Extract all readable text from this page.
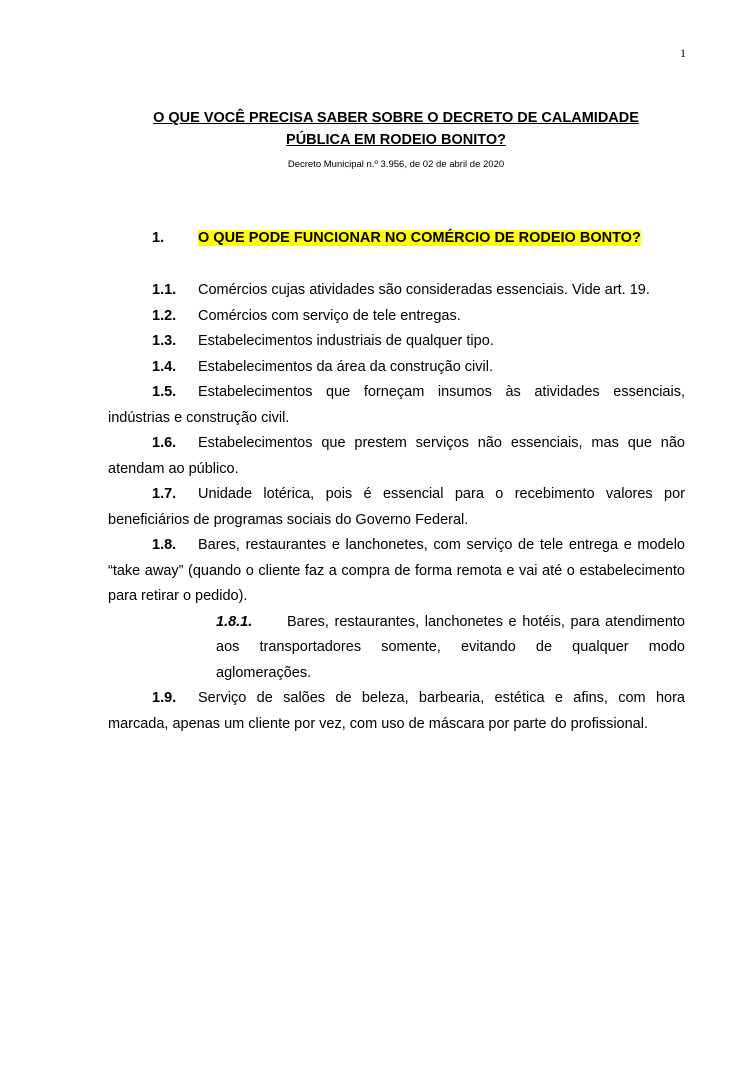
1
O QUE VOCÊ PRECISA SABER SOBRE O DECRETO DE CALAMIDADE
PÚBLICA EM RODEIO BONITO?
Decreto Municipal n.º 3.956, de 02 de abril de 2020
1. O QUE PODE FUNCIONAR NO COMÉRCIO DE RODEIO BONTO?

1.1. Comércios cujas atividades são consideradas essenciais. Vide art. 19.

1.2. Comércios com serviço de tele entregas.

1.3. Estabelecimentos industriais de qualquer tipo.

1.4. Estabelecimentos da área da construção civil.

1.5. Estabelecimentos que forneçam insumos às atividades essenciais, indústrias e construção civil.

1.6. Estabelecimentos que prestem serviços não essenciais, mas que não atendam ao público.

1.7. Unidade lotérica, pois é essencial para o recebimento valores por beneficiários de programas sociais do Governo Federal.

1.8. Bares, restaurantes e lanchonetes, com serviço de tele entrega e modelo “take away” (quando o cliente faz a compra de forma remota e vai até o estabelecimento para retirar o pedido).

1.8.1. Bares, restaurantes, lanchonetes e hotéis, para atendimento aos transportadores somente, evitando de qualquer modo aglomerações.

1.9. Serviço de salões de beleza, barbearia, estética e afins, com hora marcada, apenas um cliente por vez, com uso de máscara por parte do profissional.
